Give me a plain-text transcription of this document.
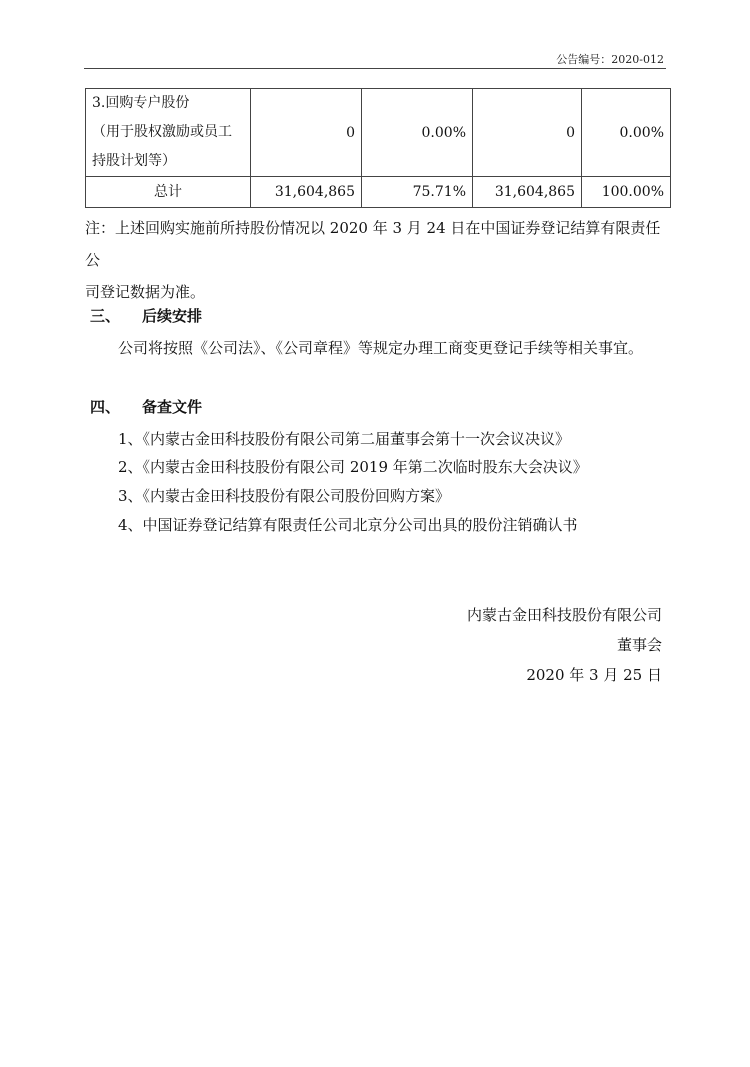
公告编号：2020-012
3.回购专户股份
（用于股权激励或员工
持股计划等）	0	0.00%	0	0.00%
总计	31,604,865	75.71%	31,604,865	100.00%
注：上述回购实施前所持股份情况以 2020 年 3 月 24 日在中国证券登记结算有限责任公
司登记数据为准。
三、 后续安排
公司将按照《公司法》、《公司章程》等规定办理工商变更登记手续等相关事宜。
四、 备查文件
1、《内蒙古金田科技股份有限公司第二届董事会第十一次会议决议》
2、《内蒙古金田科技股份有限公司 2019 年第二次临时股东大会决议》
3、《内蒙古金田科技股份有限公司股份回购方案》
4、中国证券登记结算有限责任公司北京分公司出具的股份注销确认书
内蒙古金田科技股份有限公司
董事会
2020 年 3 月 25 日
